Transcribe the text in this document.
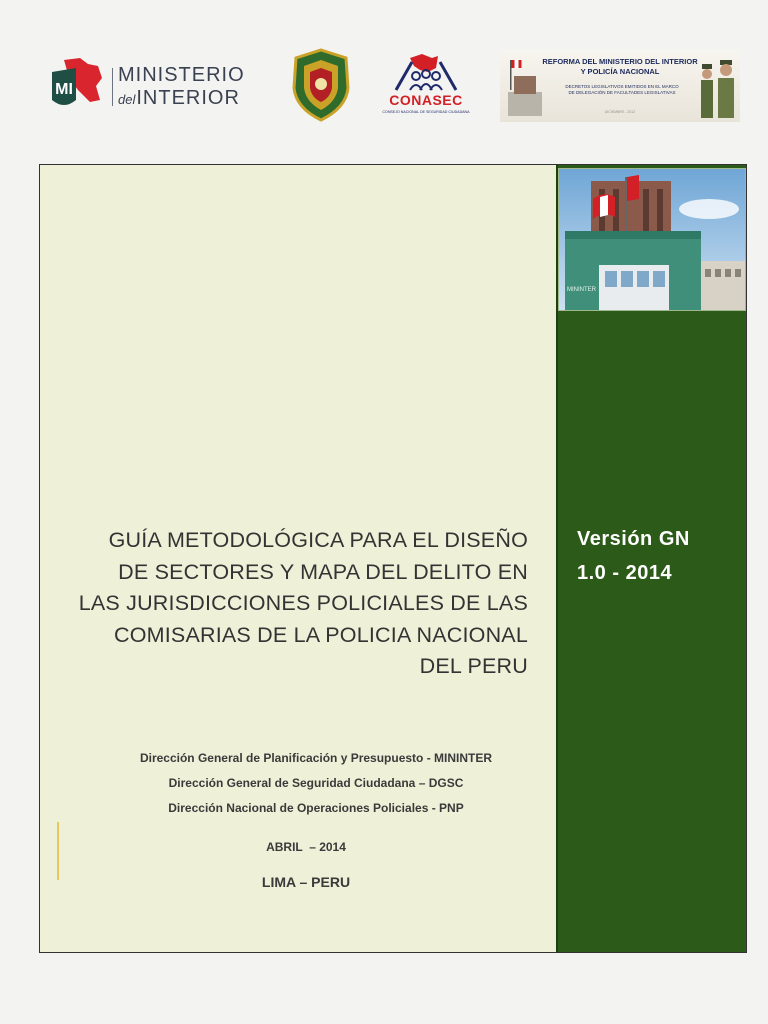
MI
MINISTERIO
delINTERIOR	CONASEC
CONSEJO NACIONAL DE SEGURIDAD CIUDADANA
REFORMA DEL MINISTERIO DEL INTERIOR
Y POLICÍA NACIONAL
DECRETOS LEGISLATIVOS EMITIDOS EN EL MARCO
DE DELEGACIÓN DE FACULTADES LEGISLATIVAS
DICIEMBRE - 2012
MININTER
GUÍA METODOLÓGICA PARA EL DISEÑO
DE SECTORES Y MAPA DEL DELITO EN
LAS JURISDICCIONES POLICIALES DE LAS
COMISARIAS DE LA POLICIA NACIONAL
DEL PERU
Versión GN
1.0 - 2014
Dirección General de Planificación y Presupuesto - MININTER
Dirección General de Seguridad Ciudadana – DGSC
Dirección Nacional de Operaciones Policiales - PNP
ABRIL  – 2014
LIMA – PERU
